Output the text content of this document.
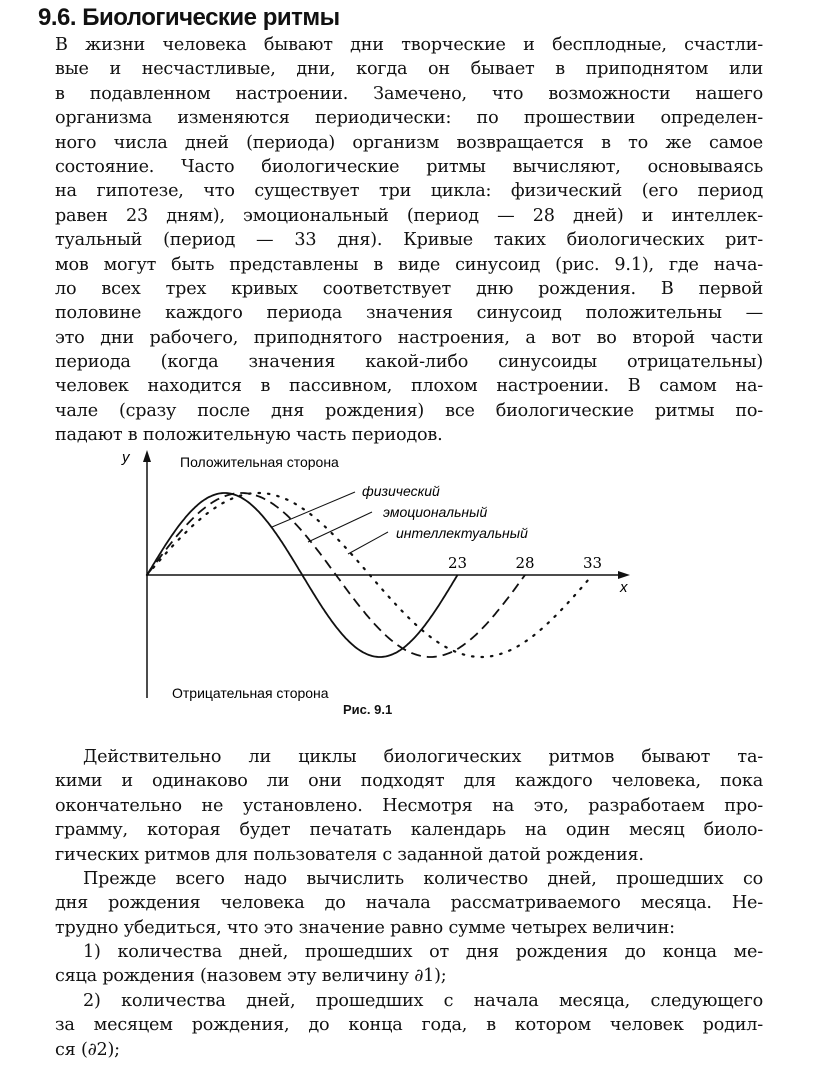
9.6. Биологические ритмы
В жизни человека бывают дни творческие и бесплодные, счастли-
вые и несчастливые, дни, когда он бывает в приподнятом или
в подавленном настроении. Замечено, что возможности нашего
организма изменяются периодически: по прошествии определен-
ного числа дней (периода) организм возвращается в то же самое
состояние. Часто биологические ритмы вычисляют, основываясь
на гипотезе, что существует три цикла: физический (его период
равен 23 дням), эмоциональный (период — 28 дней) и интеллек-
туальный (период — 33 дня). Кривые таких биологических рит-
мов могут быть представлены в виде синусоид (рис. 9.1), где нача-
ло всех трех кривых соответствует дню рождения. В первой
половине каждого периода значения синусоид положительны —
это дни рабочего, приподнятого настроения, а вот во второй части
периода (когда значения какой-либо синусоиды отрицательны)
человек находится в пассивном, плохом настроении. В самом на-
чале (сразу после дня рождения) все биологические ритмы по-
падают в положительную часть периодов.
y
x
Положительная сторона
Отрицательная сторона
физический
эмоциональный
интеллектуальный
23	28	33
Рис. 9.1
Действительно ли циклы биологических ритмов бывают та-
кими и одинаково ли они подходят для каждого человека, пока
окончательно не установлено. Несмотря на это, разработаем про-
грамму, которая будет печатать календарь на один месяц биоло-
гических ритмов для пользователя с заданной датой рождения.
Прежде всего надо вычислить количество дней, прошедших со
дня рождения человека до начала рассматриваемого месяца. Не-
трудно убедиться, что это значение равно сумме четырех величин:
1) количества дней, прошедших от дня рождения до конца ме-
сяца рождения (назовем эту величину ∂1);
2) количества дней, прошедших с начала месяца, следующего
за месяцем рождения, до конца года, в котором человек родил-
ся (∂2);
